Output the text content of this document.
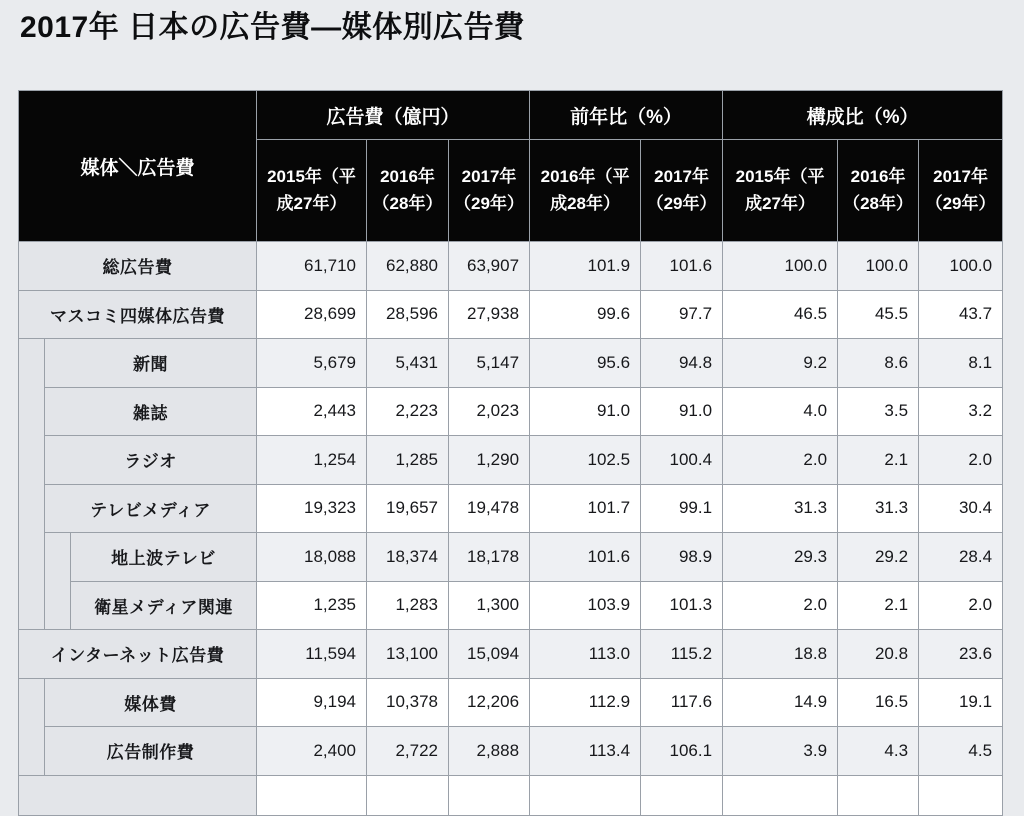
2017年 日本の広告費―媒体別広告費
媒体＼広告費			広告費（億円）			前年比（%）		構成比（%）		
			2015年（平成27年）	2016年（28年）	2017年（29年）	2016年（平成28年）	2017年（29年）	2015年（平成27年）	2016年（28年）	2017年（29年）
総広告費			61,710	62,880	63,907	101.9	101.6	100.0	100.0	100.0
マスコミ四媒体広告費			28,699	28,596	27,938	99.6	97.7	46.5	45.5	43.7
	新聞		5,679	5,431	5,147	95.6	94.8	9.2	8.6	8.1
	雑誌		2,443	2,223	2,023	91.0	91.0	4.0	3.5	3.2
	ラジオ		1,254	1,285	1,290	102.5	100.4	2.0	2.1	2.0
	テレビメディア		19,323	19,657	19,478	101.7	99.1	31.3	31.3	30.4
		地上波テレビ	18,088	18,374	18,178	101.6	98.9	29.3	29.2	28.4
		衛星メディア関連	1,235	1,283	1,300	103.9	101.3	2.0	2.1	2.0
インターネット広告費			11,594	13,100	15,094	113.0	115.2	18.8	20.8	23.6
	媒体費		9,194	10,378	12,206	112.9	117.6	14.9	16.5	19.1
	広告制作費		2,400	2,722	2,888	113.4	106.1	3.9	4.3	4.5
